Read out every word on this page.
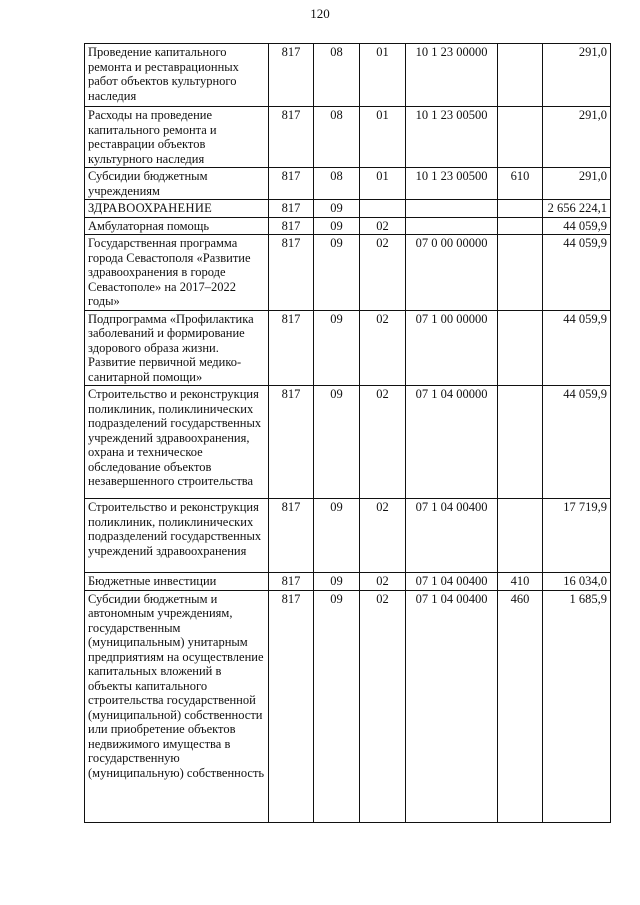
120
Проведение капитального ремонта и реставрационных работ объектов культурного наследия	817	08	01	10 1 23 00000		291,0
Расходы на проведение капитального ремонта и реставрации объектов культурного наследия	817	08	01	10 1 23 00500		291,0
Субсидии бюджетным учреждениям	817	08	01	10 1 23 00500	610	291,0
ЗДРАВООХРАНЕНИЕ	817	09				2 656 224,1
Амбулаторная помощь	817	09	02			44 059,9
Государственная программа города Севастополя «Развитие здравоохранения в городе Севастополе» на 2017–2022 годы»	817	09	02	07 0 00 00000		44 059,9
Подпрограмма «Профилактика заболеваний и формирование здорового образа жизни. Развитие первичной медико-санитарной помощи»	817	09	02	07 1 00 00000		44 059,9
Строительство и реконструкция поликлиник, поликлинических подразделений государственных учреждений здравоохранения, охрана и техническое обследование объектов незавершенного строительства	817	09	02	07 1 04 00000		44 059,9
Строительство и реконструкция поликлиник, поликлинических подразделений государственных учреждений здравоохранения	817	09	02	07 1 04 00400		17 719,9
Бюджетные инвестиции	817	09	02	07 1 04 00400	410	16 034,0
Субсидии бюджетным и автономным учреждениям, государственным (муниципальным) унитарным предприятиям на осуществление капитальных вложений в объекты капитального строительства государственной (муниципальной) собственности или приобретение объектов недвижимого имущества в государственную (муниципальную) собственность	817	09	02	07 1 04 00400	460	1 685,9
